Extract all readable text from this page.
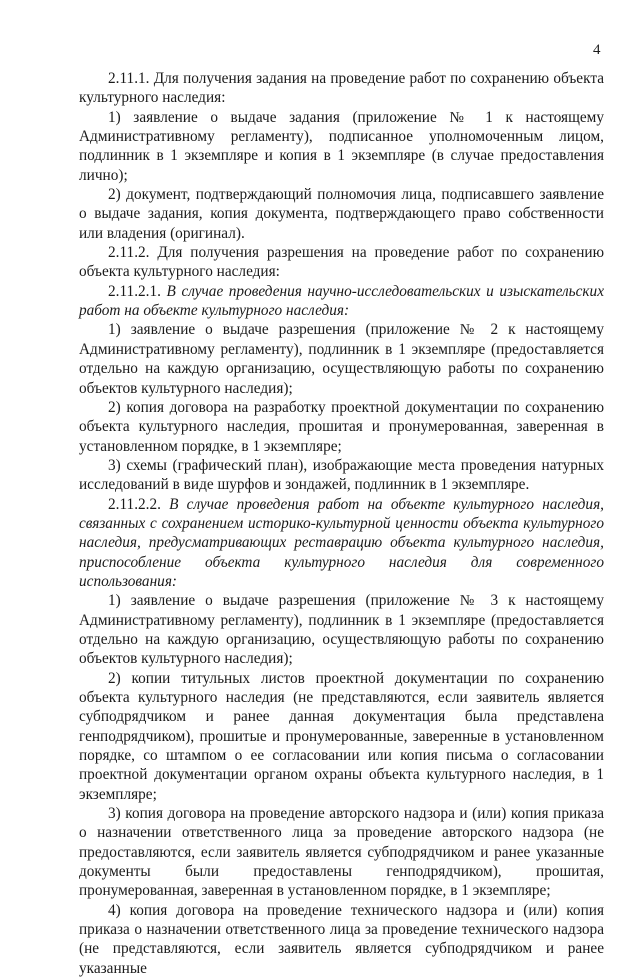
4

2.11.1. Для получения задания на проведение работ по сохранению объекта культурного наследия:

1) заявление о выдаче задания (приложение № 1 к настоящему Административному регламенту), подписанное уполномоченным лицом, подлинник в 1 экземпляре и копия в 1 экземпляре (в случае предоставления лично);

2) документ, подтверждающий полномочия лица, подписавшего заявление о выдаче задания, копия документа, подтверждающего право собственности или владения (оригинал).

2.11.2. Для получения разрешения на проведение работ по сохранению объекта культурного наследия:

2.11.2.1. В случае проведения научно-исследовательских и изыскательских работ на объекте культурного наследия:

1) заявление о выдаче разрешения (приложение № 2 к настоящему Административному регламенту), подлинник в 1 экземпляре (предоставляется отдельно на каждую организацию, осуществляющую работы по сохранению объектов культурного наследия);

2) копия договора на разработку проектной документации по сохранению объекта культурного наследия, прошитая и пронумерованная, заверенная в установленном порядке, в 1 экземпляре;

3) схемы (графический план), изображающие места проведения натурных исследований в виде шурфов и зондажей, подлинник в 1 экземпляре.

2.11.2.2. В случае проведения работ на объекте культурного наследия, связанных с сохранением историко-культурной ценности объекта культурного наследия, предусматривающих реставрацию объекта культурного наследия, приспособление объекта культурного наследия для современного использования:

1) заявление о выдаче разрешения (приложение № 3 к настоящему Административному регламенту), подлинник в 1 экземпляре (предоставляется отдельно на каждую организацию, осуществляющую работы по сохранению объектов культурного наследия);

2) копии титульных листов проектной документации по сохранению объекта культурного наследия (не представляются, если заявитель является субподрядчиком и ранее данная документация была представлена генподрядчиком), прошитые и пронумерованные, заверенные в установленном порядке, со штампом о ее согласовании или копия письма о согласовании проектной документации органом охраны объекта культурного наследия, в 1 экземпляре;

3) копия договора на проведение авторского надзора и (или) копия приказа о назначении ответственного лица за проведение авторского надзора (не предоставляются, если заявитель является субподрядчиком и ранее указанные документы были предоставлены генподрядчиком), прошитая, пронумерованная, заверенная в установленном порядке, в 1 экземпляре;

4) копия договора на проведение технического надзора и (или) копия приказа о назначении ответственного лица за проведение технического надзора (не представляются, если заявитель является субподрядчиком и ранее указанные
